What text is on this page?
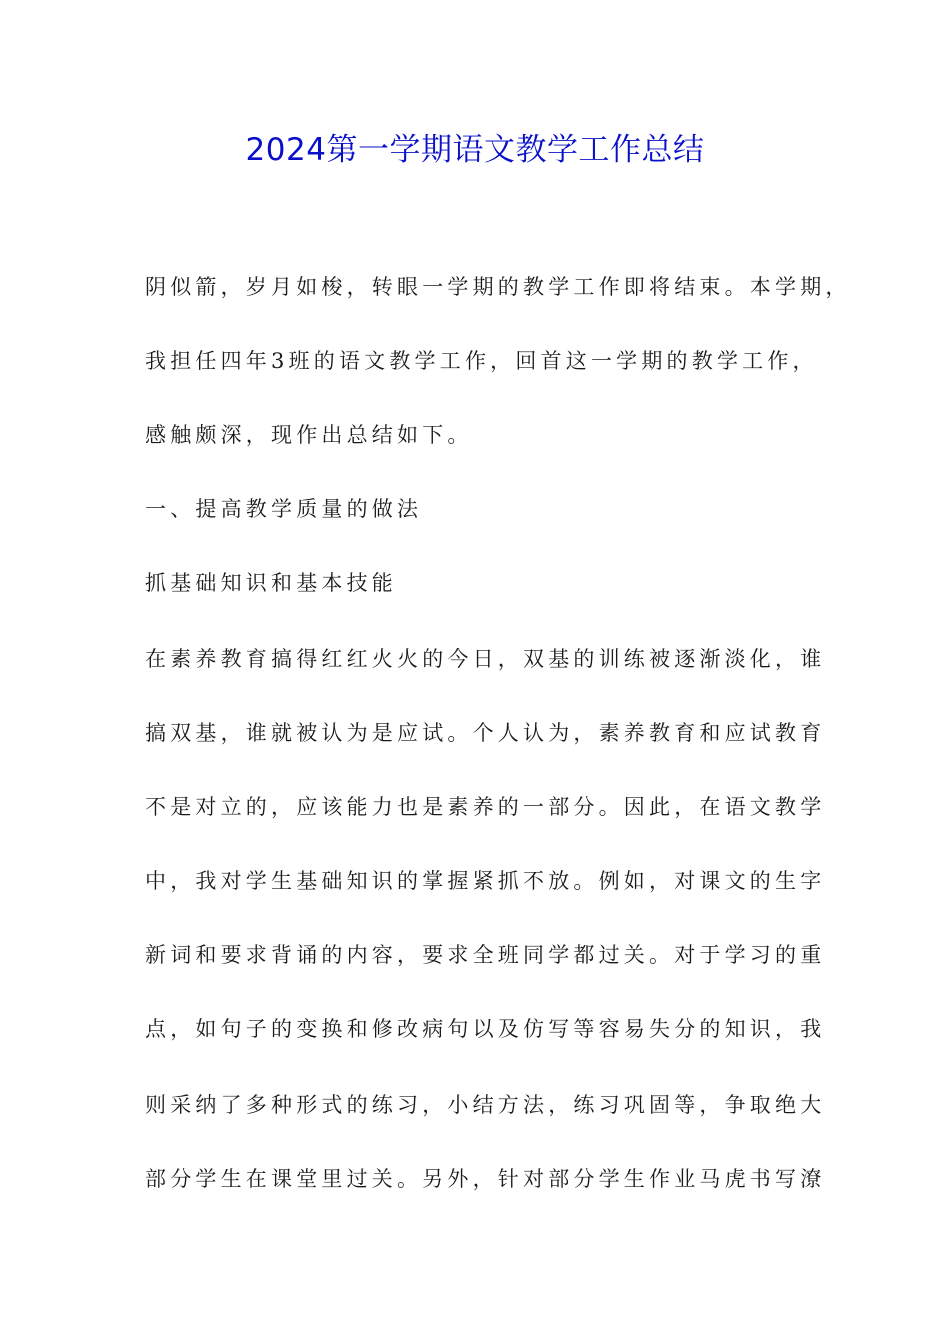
2024第一学期语文教学工作总结

阴似箭，岁月如梭，转眼一学期的教学工作即将结束。本学期，

我担任四年3班的语文教学工作，回首这一学期的教学工作，

感触颇深，现作出总结如下。

一、提高教学质量的做法

抓基础知识和基本技能

在素养教育搞得红红火火的今日，双基的训练被逐渐淡化，谁

搞双基，谁就被认为是应试。个人认为，素养教育和应试教育

不是对立的，应该能力也是素养的一部分。因此，在语文教学

中，我对学生基础知识的掌握紧抓不放。例如，对课文的生字

新词和要求背诵的内容，要求全班同学都过关。对于学习的重

点，如句子的变换和修改病句以及仿写等容易失分的知识，我

则采纳了多种形式的练习，小结方法，练习巩固等，争取绝大

部分学生在课堂里过关。另外，针对部分学生作业马虎书写潦
